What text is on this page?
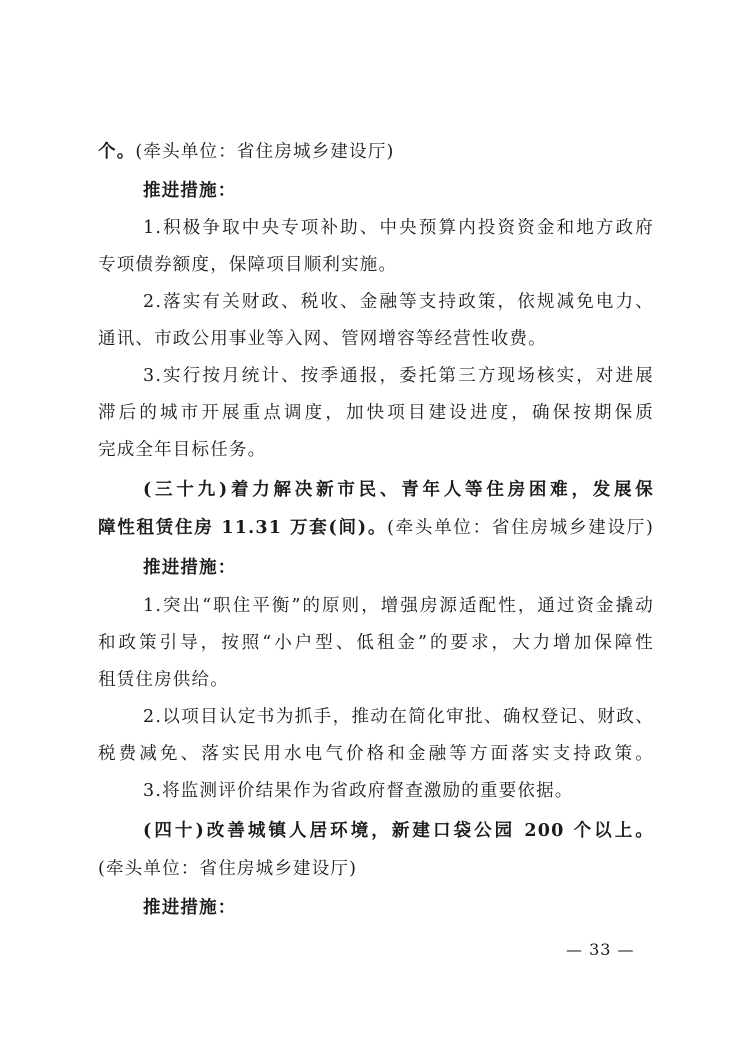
个。(牵头单位：省住房城乡建设厅)
推进措施：
1.积极争取中央专项补助、中央预算内投资资金和地方政府
专项债券额度，保障项目顺利实施。
2.落实有关财政、税收、金融等支持政策，依规减免电力、
通讯、市政公用事业等入网、管网增容等经营性收费。
3.实行按月统计、按季通报，委托第三方现场核实，对进展
滞后的城市开展重点调度，加快项目建设进度，确保按期保质
完成全年目标任务。
(三十九)着力解决新市民、青年人等住房困难，发展保
障性租赁住房 11.31 万套(间)。(牵头单位：省住房城乡建设厅)
推进措施：
1.突出“职住平衡”的原则，增强房源适配性，通过资金撬动
和政策引导，按照“小户型、低租金”的要求，大力增加保障性
租赁住房供给。
2.以项目认定书为抓手，推动在简化审批、确权登记、财政、
税费减免、落实民用水电气价格和金融等方面落实支持政策。
3.将监测评价结果作为省政府督查激励的重要依据。
(四十)改善城镇人居环境，新建口袋公园 200 个以上。
(牵头单位：省住房城乡建设厅)
推进措施：
— 33 —
